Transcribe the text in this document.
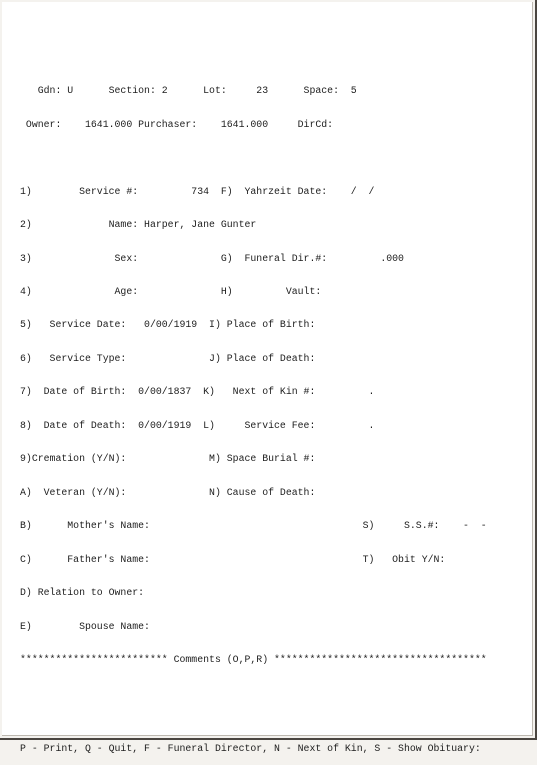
Gdn: U      Section: 2      Lot:     23      Space:  5

Owner:    1641.000 Purchaser:    1641.000     DirCd:

1)        Service #:         734  F)  Yahrzeit Date:    /  /

2)             Name: Harper, Jane Gunter

3)              Sex:              G)  Funeral Dir.#:         .000

4)              Age:              H)         Vault:

5)   Service Date:   0/00/1919  I) Place of Birth:

6)   Service Type:              J) Place of Death:

7)  Date of Birth:  0/00/1837  K)   Next of Kin #:         .

8)  Date of Death:  0/00/1919  L)     Service Fee:         .

9)Cremation (Y/N):              M) Space Burial #:

A)  Veteran (Y/N):              N) Cause of Death:

B)      Mother's Name:                                    S)     S.S.#:    -  -

C)      Father's Name:                                    T)   Obit Y/N:

D) Relation to Owner:

E)        Spouse Name:

************************* Comments (O,P,R) ************************************

P - Print, Q - Quit, F - Funeral Director, N - Next of Kin, S - Show Obituary:
